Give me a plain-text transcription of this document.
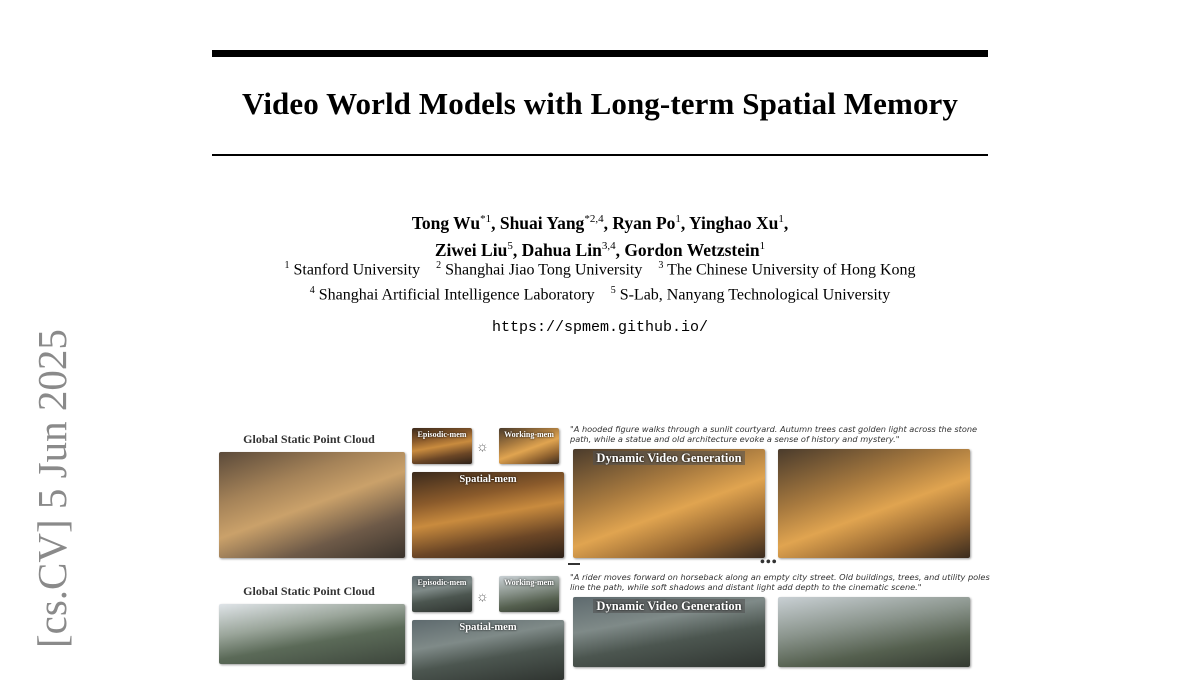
Video World Models with Long-term Spatial Memory
Tong Wu$^{*1}$, Shuai Yang$^{*2,4}$, Ryan Po$^1$, Yinghao Xu$^1$,
Ziwei Liu$^5$, Dahua Lin$^{3,4}$, Gordon Wetzstein$^1$
$^1$ Stanford University $^2$ Shanghai Jiao Tong University $^3$ The Chinese University of Hong Kong
$^4$ Shanghai Artificial Intelligence Laboratory $^5$ S-Lab, Nanyang Technological University
https://spmem.github.io/
[cs.CV] 5 Jun 2025	Global Static Point Cloud	Episodic-mem
☼
Working-mem
Spatial-mem
"A hooded figure walks through a sunlit courtyard. Autumn trees cast golden light across the stone path, while a statue and old architecture evoke a sense of history and mystery."
Dynamic Video Generation
•••
Global Static Point Cloud
Episodic-mem
☼
Working-mem
Spatial-mem
"A rider moves forward on horseback along an empty city street. Old buildings, trees, and utility poles line the path, while soft shadows and distant light add depth to the cinematic scene."
Dynamic Video Generation
